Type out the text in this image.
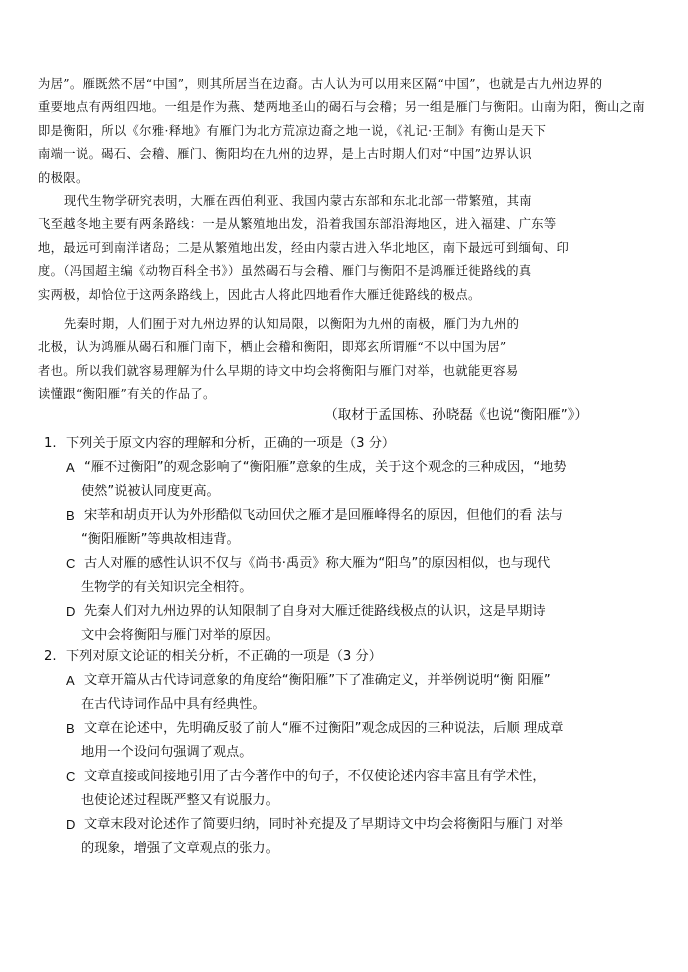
为居”。雁既然不居“中国”，则其所居当在边裔。古人认为可以用来区隔“中国”，也就是古九州边界的
重要地点有两组四地。一组是作为燕、楚两地圣山的碣石与会稽；另一组是雁门与衡阳。山南为阳，衡山之南
即是衡阳，所以《尔雅·释地》有雁门为北方荒凉边裔之地一说，《礼记·王制》有衡山是天下
南端一说。碣石、会稽、雁门、衡阳均在九州的边界，是上古时期人们对“中国”边界认识
的极限。
现代生物学研究表明，大雁在西伯利亚、我国内蒙古东部和东北北部一带繁殖，其南
飞至越冬地主要有两条路线：一是从繁殖地出发，沿着我国东部沿海地区，进入福建、广东等
地，最远可到南洋诸岛；二是从繁殖地出发，经由内蒙古进入华北地区，南下最远可到缅甸、印
度。（冯国超主编《动物百科全书》）虽然碣石与会稽、雁门与衡阳不是鸿雁迁徙路线的真
实两极，却恰位于这两条路线上，因此古人将此四地看作大雁迁徙路线的极点。
先秦时期，人们囿于对九州边界的认知局限，以衡阳为九州的南极，雁门为九州的
北极，认为鸿雁从碣石和雁门南下，栖止会稽和衡阳，即郑玄所谓雁“不以中国为居”
者也。所以我们就容易理解为什么早期的诗文中均会将衡阳与雁门对举，也就能更容易
读懂跟“衡阳雁”有关的作品了。
（取材于孟国栋、孙晓磊《也说“衡阳雁”》）
1. 下列关于原文内容的理解和分析，正确的一项是（3 分）
A “雁不过衡阳”的观念影响了“衡阳雁”意象的生成，关于这个观念的三种成因，“地势
使然”说被认同度更高。
B 宋莘和胡贞开认为外形酷似飞动回伏之雁才是回雁峰得名的原因，但他们的看 法与
“衡阳雁断”等典故相违背。
C 古人对雁的感性认识不仅与《尚书·禹贡》称大雁为“阳鸟”的原因相似，也与现代
生物学的有关知识完全相符。
D 先秦人们对九州边界的认知限制了自身对大雁迁徙路线极点的认识，这是早期诗
文中会将衡阳与雁门对举的原因。
2. 下列对原文论证的相关分析，不正确的一项是（3 分）
A 文章开篇从古代诗词意象的角度给“衡阳雁”下了准确定义，并举例说明“衡 阳雁”
在古代诗词作品中具有经典性。
B 文章在论述中，先明确反驳了前人“雁不过衡阳”观念成因的三种说法，后顺 理成章
地用一个设问句强调了观点。
C 文章直接或间接地引用了古今著作中的句子，不仅使论述内容丰富且有学术性，
也使论述过程既严整又有说服力。
D 文章末段对论述作了简要归纳，同时补充提及了早期诗文中均会将衡阳与雁门 对举
的现象，增强了文章观点的张力。
